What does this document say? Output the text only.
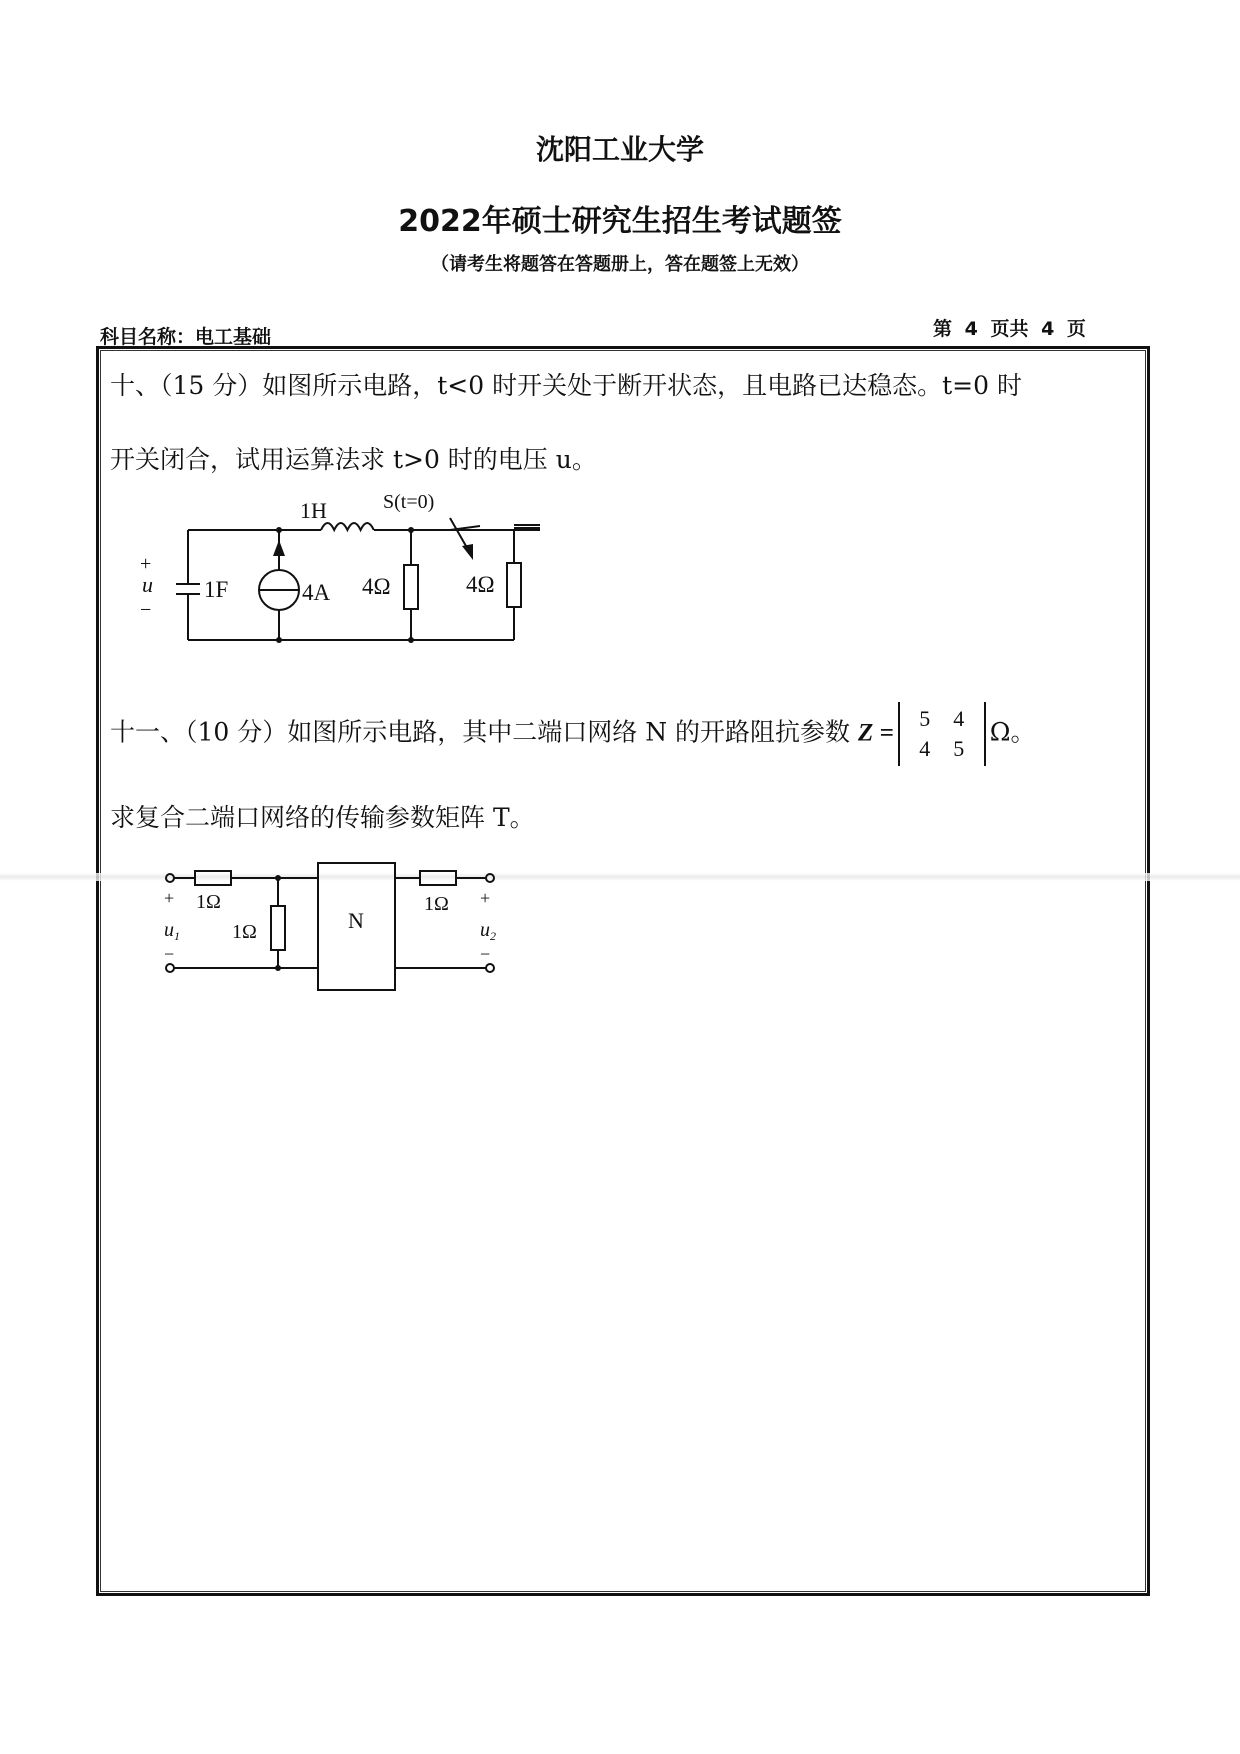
沈阳工业大学
2022年硕士研究生招生考试题签
（请考生将题答在答题册上，答在题签上无效）
科目名称：电工基础	第 4 页共 4 页
十、（15 分）如图所示电路，t<0 时开关处于断开状态，且电路已达稳态。t=0 时
开关闭合，试用运算法求 t>0 时的电压 u。
1H	S(t=0)
+
u
−
1F	4A 4Ω	4Ω
十一、（10 分）如图所示电路，其中二端口网络 N 的开路阻抗参数 Z =5 4
4 5Ω。
求复合二端口网络的传输参数矩阵 T。
+
−
$u_1$
+
−
$u_2$
1Ω
1Ω
1Ω
N
